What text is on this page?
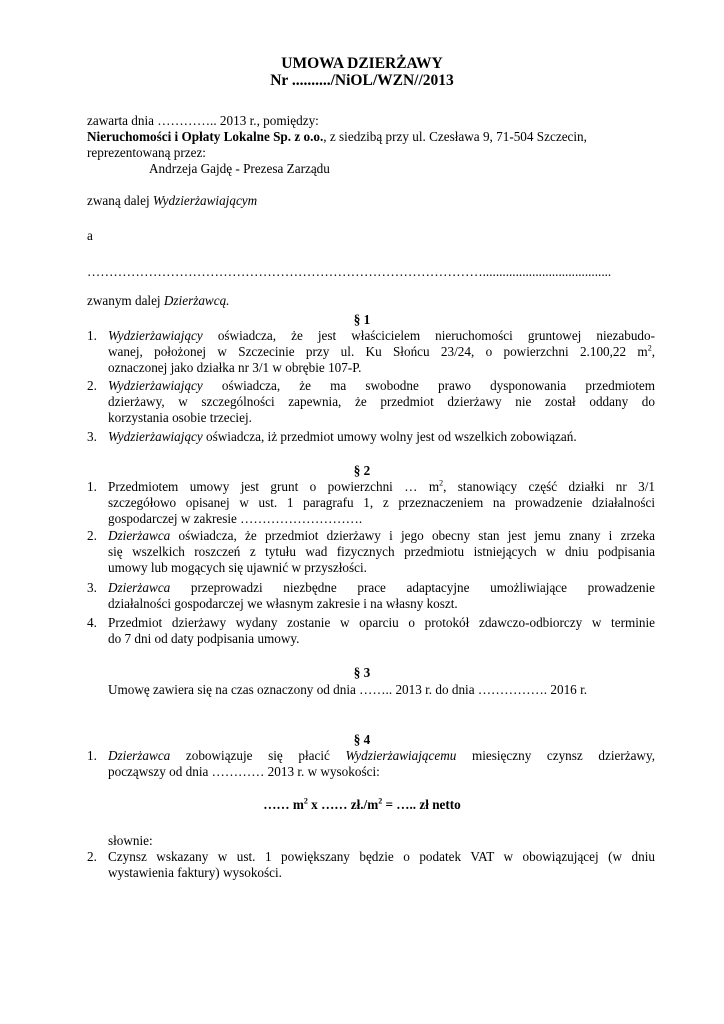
UMOWA DZIERŻAWY
Nr ........../NiOL/WZN//2013
zawarta dnia ………….. 2013 r., pomiędzy:
Nieruchomości i Opłaty Lokalne Sp. z o.o., z siedzibą przy ul. Czesława 9, 71-504 Szczecin,
reprezentowaną przez:
Andrzeja Gajdę - Prezesa Zarządu
zwaną dalej Wydzierżawiającym
a
……………………………………………………………………………….......................................
zwanym dalej Dzierżawcą.
§ 1
1. Wydzierżawiający oświadcza, że jest właścicielem nieruchomości gruntowej niezabudo-
wanej, położonej w Szczecinie przy ul. Ku Słońcu 23/24, o powierzchni 2.100,22 $m^2$,
oznaczonej jako działka nr 3/1 w obrębie 107-P.
2. Wydzierżawiający oświadcza, że ma swobodne prawo dysponowania przedmiotem
dzierżawy, w szczególności zapewnia, że przedmiot dzierżawy nie został oddany do
korzystania osobie trzeciej.
3. Wydzierżawiający oświadcza, iż przedmiot umowy wolny jest od wszelkich zobowiązań.
§ 2
1. Przedmiotem umowy jest grunt o powierzchni … $m^2$, stanowiący część działki nr 3/1
szczegółowo opisanej w ust. 1 paragrafu 1, z przeznaczeniem na prowadzenie działalności
gospodarczej w zakresie ……………………….
2. Dzierżawca oświadcza, że przedmiot dzierżawy i jego obecny stan jest jemu znany i zrzeka
się wszelkich roszczeń z tytułu wad fizycznych przedmiotu istniejących w dniu podpisania
umowy lub mogących się ujawnić w przyszłości.
3. Dzierżawca przeprowadzi niezbędne prace adaptacyjne umożliwiające prowadzenie
działalności gospodarczej we własnym zakresie i na własny koszt.
4. Przedmiot dzierżawy wydany zostanie w oparciu o protokół zdawczo-odbiorczy w terminie
do 7 dni od daty podpisania umowy.
§ 3
Umowę zawiera się na czas oznaczony od dnia …….. 2013 r. do dnia ……………. 2016 r.
§ 4
1. Dzierżawca zobowiązuje się płacić Wydzierżawiającemu miesięczny czynsz dzierżawy,
począwszy od dnia ………… 2013 r. w wysokości:
…… $m^2$ x …… $zł./m^2$ = ….. zł netto
słownie:
2. Czynsz wskazany w ust. 1 powiększany będzie o podatek VAT w obowiązującej (w dniu
wystawienia faktury) wysokości.
